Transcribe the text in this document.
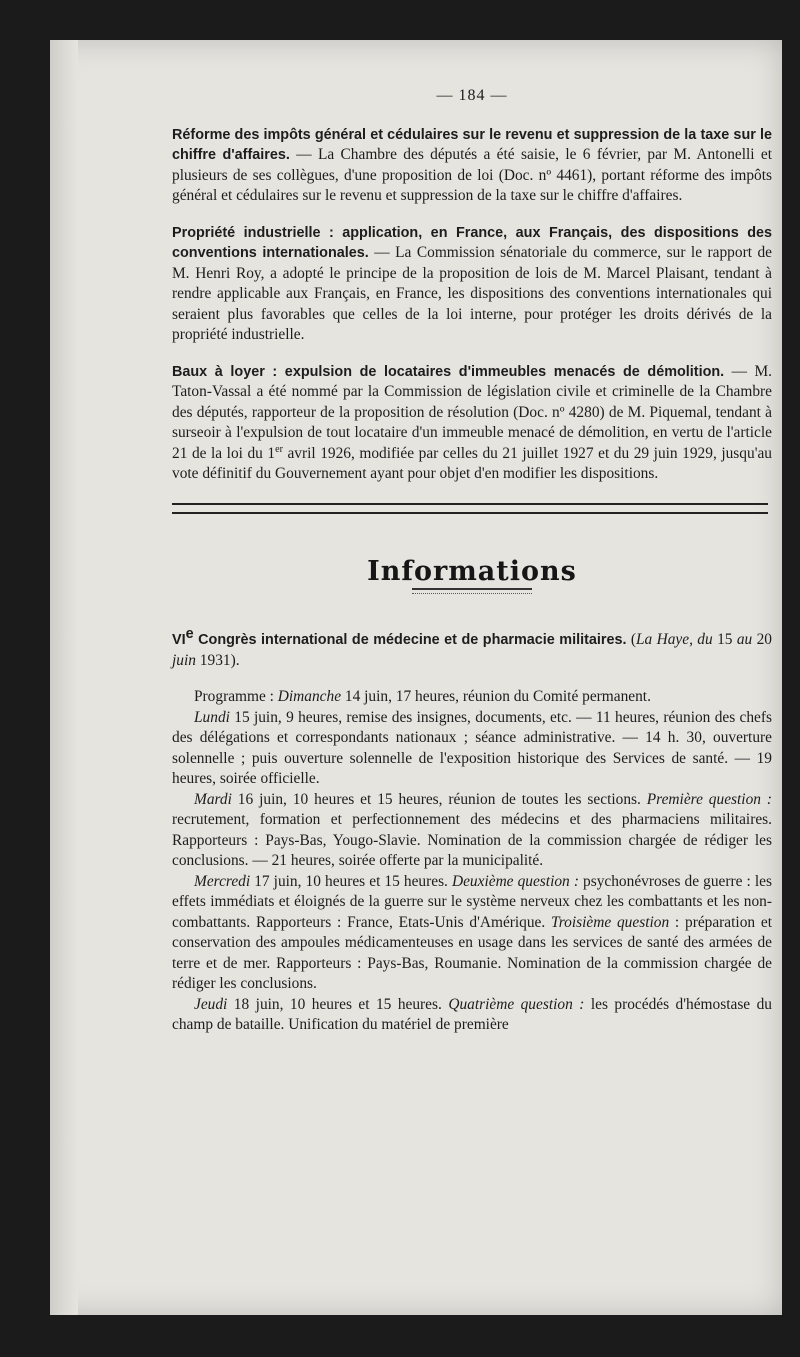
— 184 —

Réforme des impôts général et cédulaires sur le revenu et suppression de la taxe sur le chiffre d'affaires. — La Chambre des députés a été saisie, le 6 février, par M. Antonelli et plusieurs de ses collègues, d'une proposition de loi (Doc. nº 4461), portant réforme des impôts général et cédulaires sur le revenu et suppression de la taxe sur le chiffre d'affaires.

Propriété industrielle : application, en France, aux Français, des dispositions des conventions internationales. — La Commission sénatoriale du commerce, sur le rapport de M. Henri Roy, a adopté le principe de la proposition de lois de M. Marcel Plaisant, tendant à rendre applicable aux Français, en France, les dispositions des conventions internationales qui seraient plus favorables que celles de la loi interne, pour protéger les droits dérivés de la propriété industrielle.

Baux à loyer : expulsion de locataires d'immeubles menacés de démolition. — M. Taton-Vassal a été nommé par la Commission de législation civile et criminelle de la Chambre des députés, rapporteur de la proposition de résolution (Doc. nº 4280) de M. Piquemal, tendant à surseoir à l'expulsion de tout locataire d'un immeuble menacé de démolition, en vertu de l'article 21 de la loi du 1er avril 1926, modifiée par celles du 21 juillet 1927 et du 29 juin 1929, jusqu'au vote définitif du Gouvernement ayant pour objet d'en modifier les dispositions.

Informations

VIe Congrès international de médecine et de pharmacie militaires. (La Haye, du 15 au 20 juin 1931).

Programme : Dimanche 14 juin, 17 heures, réunion du Comité permanent.

Lundi 15 juin, 9 heures, remise des insignes, documents, etc. — 11 heures, réunion des chefs des délégations et correspondants nationaux ; séance administrative. — 14 h. 30, ouverture solennelle ; puis ouverture solennelle de l'exposition historique des Services de santé. — 19 heures, soirée officielle.

Mardi 16 juin, 10 heures et 15 heures, réunion de toutes les sections. Première question : recrutement, formation et perfectionnement des médecins et des pharmaciens militaires. Rapporteurs : Pays-Bas, Yougo-Slavie. Nomination de la commission chargée de rédiger les conclusions. — 21 heures, soirée offerte par la municipalité.

Mercredi 17 juin, 10 heures et 15 heures. Deuxième question : psychonévroses de guerre : les effets immédiats et éloignés de la guerre sur le système nerveux chez les combattants et les non-combattants. Rapporteurs : France, Etats-Unis d'Amérique. Troisième question : préparation et conservation des ampoules médicamenteuses en usage dans les services de santé des armées de terre et de mer. Rapporteurs : Pays-Bas, Roumanie. Nomination de la commission chargée de rédiger les conclusions.

Jeudi 18 juin, 10 heures et 15 heures. Quatrième question : les procédés d'hémostase du champ de bataille. Unification du matériel de première
